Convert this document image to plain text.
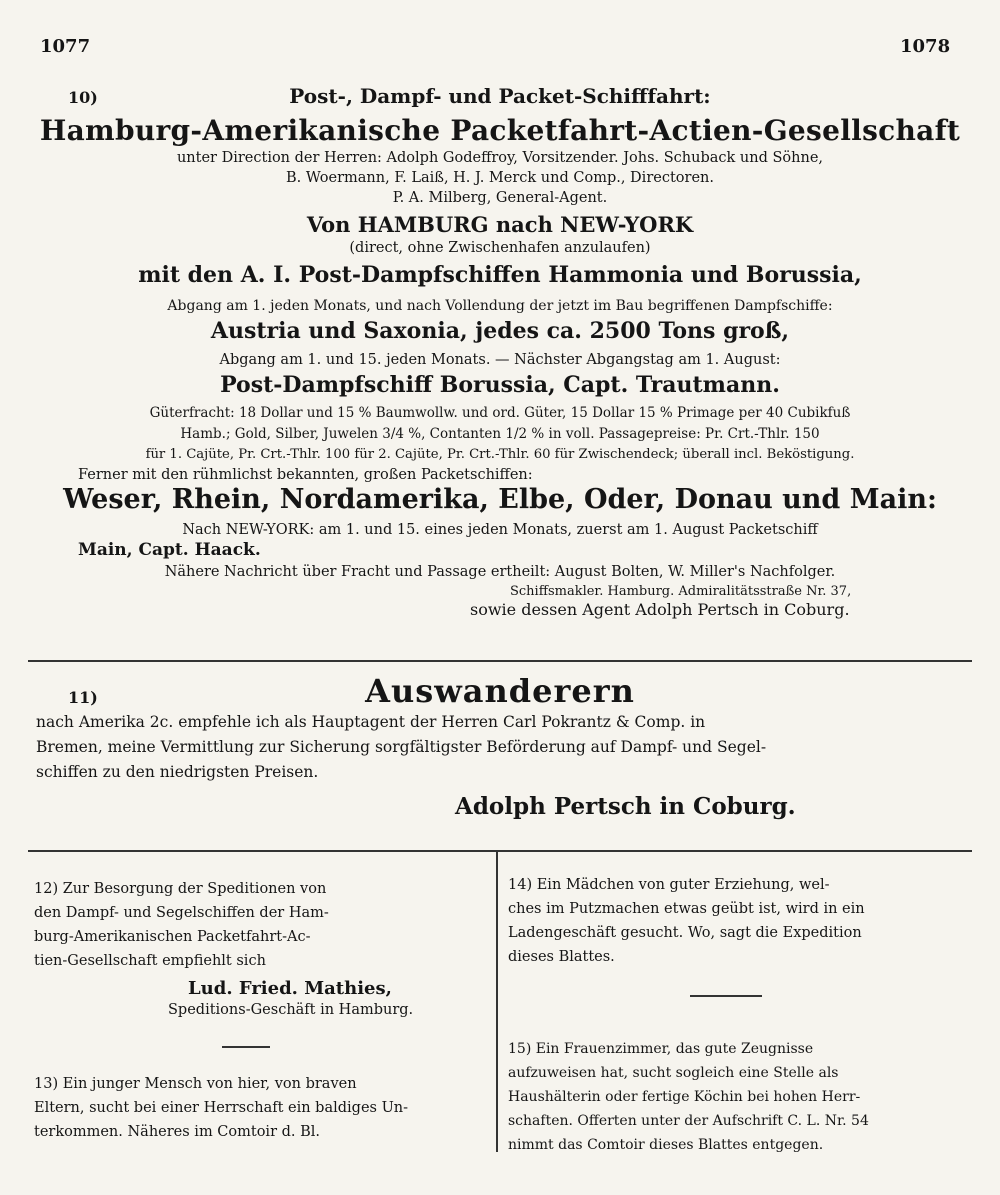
1077	1078
10)	Post-, Dampf- und Packet-Schifffahrt:
Hamburg-Amerikanische Packetfahrt-Actien-Gesellschaft
unter Direction der Herren: Adolph Godeffroy, Vorsitzender. Johs. Schuback und Söhne,
B. Woermann, F. Laiß, H. J. Merck und Comp., Directoren.
P. A. Milberg, General-Agent.
Von HAMBURG nach NEW-YORK
(direct, ohne Zwischenhafen anzulaufen)
mit den A. I. Post-Dampfschiffen Hammonia und Borussia,
Abgang am 1. jeden Monats, und nach Vollendung der jetzt im Bau begriffenen Dampfschiffe:
Austria und Saxonia, jedes ca. 2500 Tons groß,
Abgang am 1. und 15. jeden Monats. — Nächster Abgangstag am 1. August:
Post-Dampfschiff Borussia, Capt. Trautmann.
Güterfracht: 18 Dollar und 15 % Baumwollw. und ord. Güter, 15 Dollar 15 % Primage per 40 Cubikfuß
Hamb.; Gold, Silber, Juwelen 3/4 %, Contanten 1/2 % in voll. Passagepreise: Pr. Crt.-Thlr. 150
für 1. Cajüte, Pr. Crt.-Thlr. 100 für 2. Cajüte, Pr. Crt.-Thlr. 60 für Zwischendeck; überall incl. Beköstigung.
Ferner mit den rühmlichst bekannten, großen Packetschiffen:
Weser, Rhein, Nordamerika, Elbe, Oder, Donau und Main:
Nach NEW-YORK: am 1. und 15. eines jeden Monats, zuerst am 1. August Packetschiff
Main, Capt. Haack.
Nähere Nachricht über Fracht und Passage ertheilt: August Bolten, W. Miller's Nachfolger.
Schiffsmakler. Hamburg. Admiralitätsstraße Nr. 37,
sowie dessen Agent Adolph Pertsch in Coburg.
11)	Auswanderern
nach Amerika 2c. empfehle ich als Hauptagent der Herren Carl Pokrantz & Comp. in
Bremen, meine Vermittlung zur Sicherung sorgfältigster Beförderung auf Dampf- und Segel-
schiffen zu den niedrigsten Preisen.
Adolph Pertsch in Coburg.
12) Zur Besorgung der Speditionen von
den Dampf- und Segelschiffen der Ham-
burg-Amerikanischen Packetfahrt-Ac-
tien-Gesellschaft empfiehlt sich
Lud. Fried. Mathies,
Speditions-Geschäft in Hamburg.
13) Ein junger Mensch von hier, von braven
Eltern, sucht bei einer Herrschaft ein baldiges Un-
terkommen. Näheres im Comtoir d. Bl.
14) Ein Mädchen von guter Erziehung, wel-
ches im Putzmachen etwas geübt ist, wird in ein
Ladengeschäft gesucht. Wo, sagt die Expedition
dieses Blattes.
15) Ein Frauenzimmer, das gute Zeugnisse
aufzuweisen hat, sucht sogleich eine Stelle als
Haushälterin oder fertige Köchin bei hohen Herr-
schaften. Offerten unter der Aufschrift C. L. Nr. 54
nimmt das Comtoir dieses Blattes entgegen.
